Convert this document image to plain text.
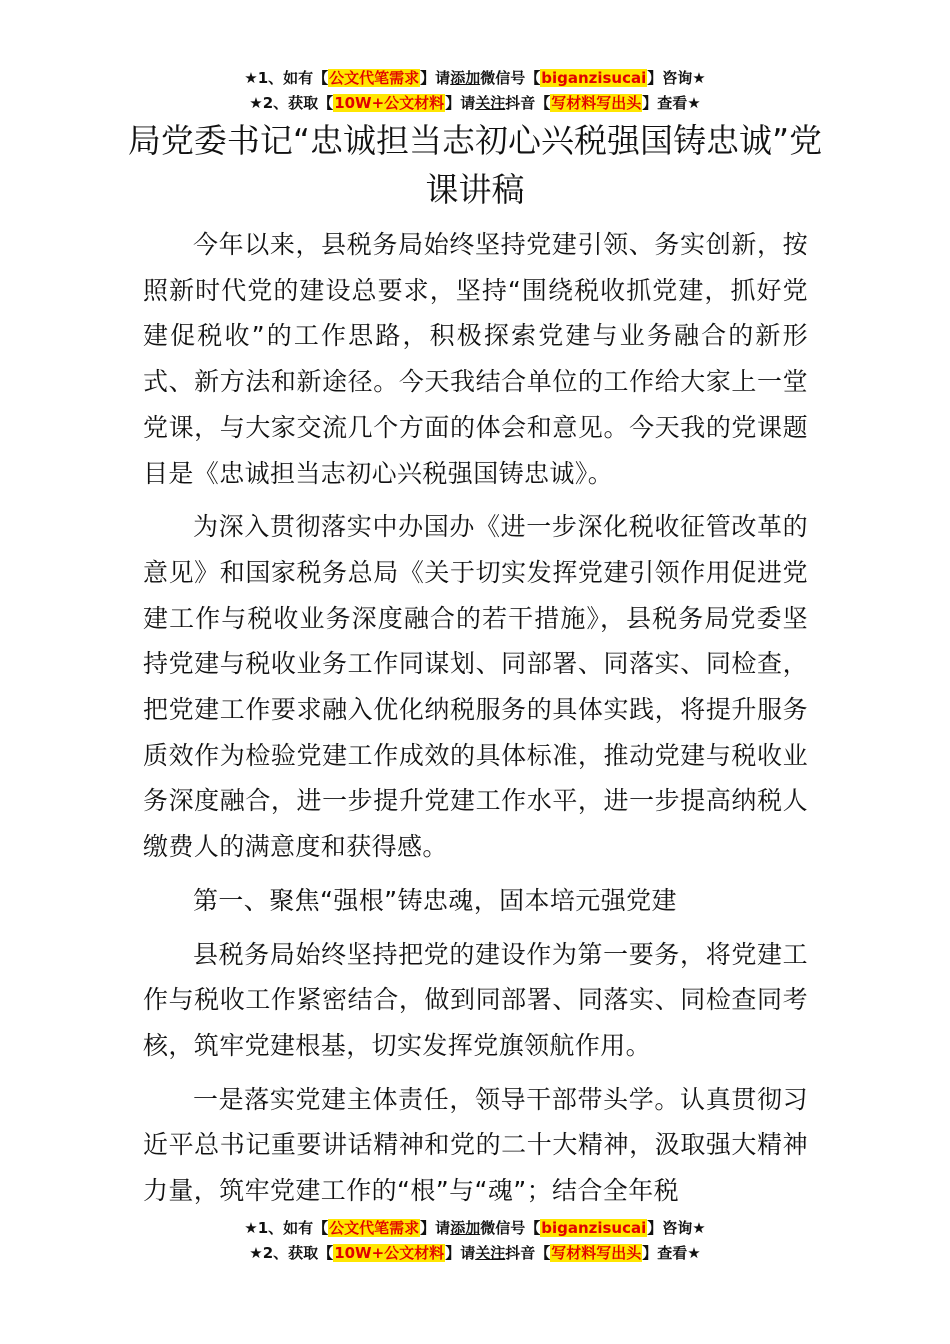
★1、如有【公文代笔需求】请添加微信号【biganzisucai】咨询★
★2、获取【10W+公文材料】请关注抖音【写材料写出头】查看★
局党委书记“忠诚担当志初心兴税强国铸忠诚”党课讲稿

今年以来，县税务局始终坚持党建引领、务实创新，按照新时代党的建设总要求，坚持“围绕税收抓党建，抓好党建促税收”的工作思路，积极探索党建与业务融合的新形式、新方法和新途径。今天我结合单位的工作给大家上一堂党课，与大家交流几个方面的体会和意见。今天我的党课题目是《忠诚担当志初心兴税强国铸忠诚》。

为深入贯彻落实中办国办《进一步深化税收征管改革的意见》和国家税务总局《关于切实发挥党建引领作用促进党建工作与税收业务深度融合的若干措施》，县税务局党委坚持党建与税收业务工作同谋划、同部署、同落实、同检查，把党建工作要求融入优化纳税服务的具体实践，将提升服务质效作为检验党建工作成效的具体标准，推动党建与税收业务深度融合，进一步提升党建工作水平，进一步提高纳税人缴费人的满意度和获得感。

第一、聚焦“强根”铸忠魂，固本培元强党建

县税务局始终坚持把党的建设作为第一要务，将党建工作与税收工作紧密结合，做到同部署、同落实、同检查同考核，筑牢党建根基，切实发挥党旗领航作用。

一是落实党建主体责任，领导干部带头学。认真贯彻习近平总书记重要讲话精神和党的二十大精神，汲取强大精神力量，筑牢党建工作的“根”与“魂”；结合全年税

★1、如有【公文代笔需求】请添加微信号【biganzisucai】咨询★
★2、获取【10W+公文材料】请关注抖音【写材料写出头】查看★
